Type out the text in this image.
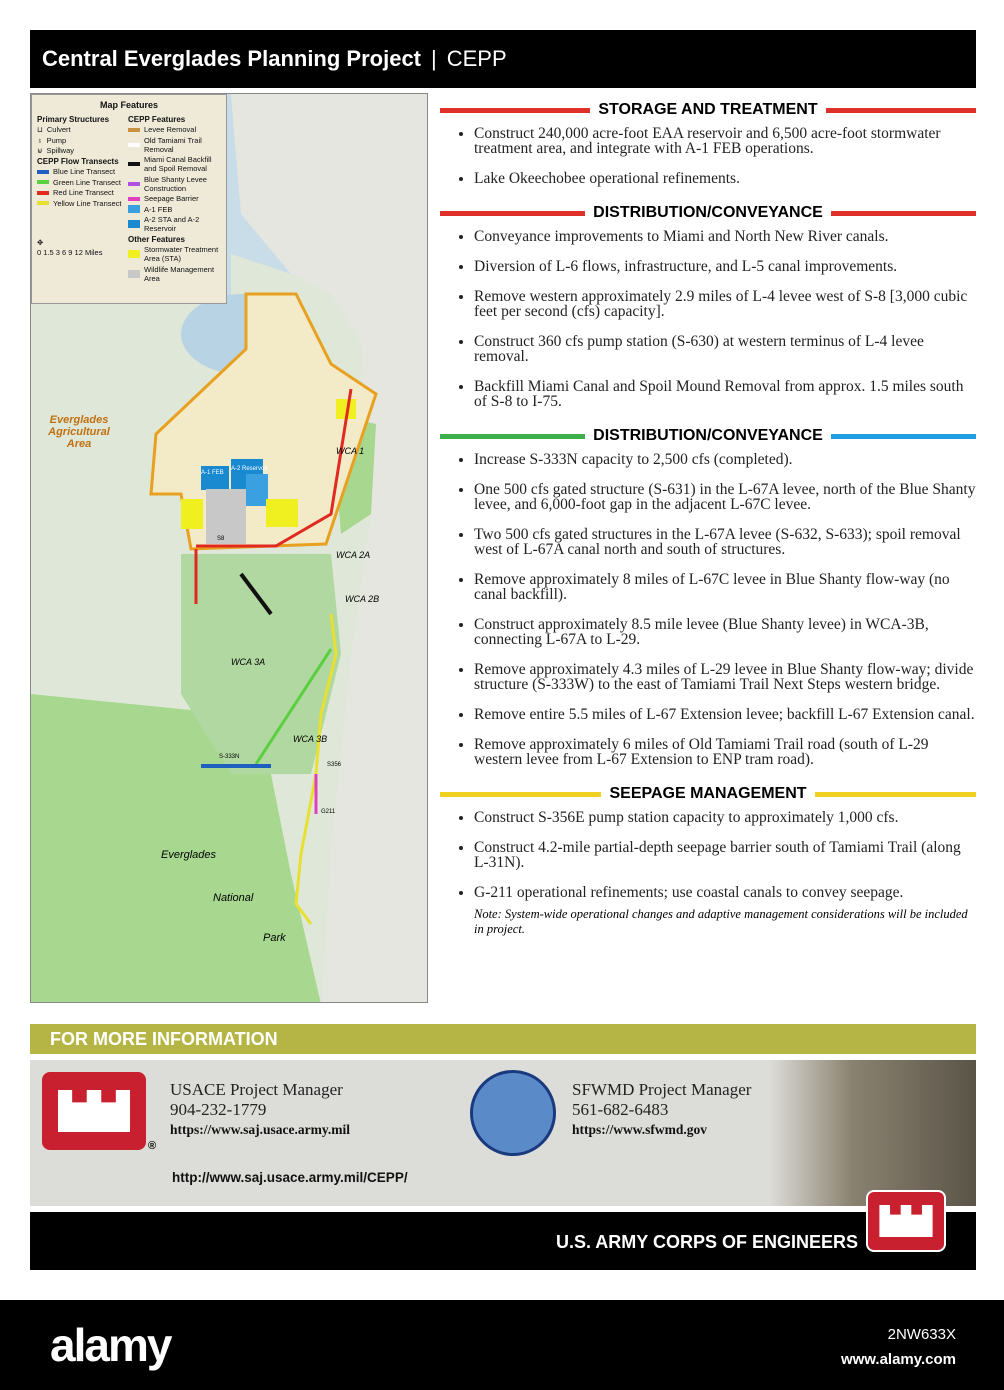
Central Everglades Planning Project | CEPP
Everglades Agricultural Area
WCA 1
WCA 2A
WCA 2B
WCA 3A
WCA 3B
Everglades
National
Park
A-1 FEB
A-2 Reservoir
S-333N
S356
S8
G211
Map Features
Primary Structures
⊔ Culvert
♁ Pump
⊌ Spillway
CEPP Flow Transects
Blue Line Transect
Green Line Transect
Red Line Transect
Yellow Line Transect
✥
0 1.5 3 6 9 12 Miles
CEPP Features
Levee Removal
Old Tamiami Trail Removal
Miami Canal Backfill and Spoil Removal
Blue Shanty Levee Construction
Seepage Barrier
A-1 FEB
A-2 STA and A-2 Reservoir
Other Features
Stormwater Treatment Area (STA)
Wildlife Management Area
STORAGE AND TREATMENT
• Construct 240,000 acre-foot EAA reservoir and 6,500 acre-foot stormwater treatment area, and integrate with A-1 FEB operations.
• Lake Okeechobee operational refinements.
DISTRIBUTION/CONVEYANCE
• Conveyance improvements to Miami and North New River canals.
• Diversion of L-6 flows, infrastructure, and L-5 canal improvements.
• Remove western approximately 2.9 miles of L-4 levee west of S-8 [3,000 cubic feet per second (cfs) capacity].
• Construct 360 cfs pump station (S-630) at western terminus of L-4 levee removal.
• Backfill Miami Canal and Spoil Mound Removal from approx. 1.5 miles south of S-8 to I-75.
DISTRIBUTION/CONVEYANCE
• Increase S-333N capacity to 2,500 cfs (completed).
• One 500 cfs gated structure (S-631) in the L-67A levee, north of the Blue Shanty levee, and 6,000-foot gap in the adjacent L-67C levee.
• Two 500 cfs gated structures in the L-67A levee (S-632, S-633); spoil removal west of L-67A canal north and south of structures.
• Remove approximately 8 miles of L-67C levee in Blue Shanty flow-way (no canal backfill).
• Construct approximately 8.5 mile levee (Blue Shanty levee) in WCA-3B, connecting L-67A to L-29.
• Remove approximately 4.3 miles of L-29 levee in Blue Shanty flow-way; divide structure (S-333W) to the east of Tamiami Trail Next Steps western bridge.
• Remove entire 5.5 miles of L-67 Extension levee; backfill L-67 Extension canal.
• Remove approximately 6 miles of Old Tamiami Trail road (south of L-29 western levee from L-67 Extension to ENP tram road).
SEEPAGE MANAGEMENT
• Construct S-356E pump station capacity to approximately 1,000 cfs.
• Construct 4.2-mile partial-depth seepage barrier south of Tamiami Trail (along L-31N).
• G-211 operational refinements; use coastal canals to convey seepage.
Note: System-wide operational changes and adaptive management considerations will be included in project.
FOR MORE INFORMATION
®
USACE Project Manager
904-232-1779
https://www.saj.usace.army.mil
http://www.saj.usace.army.mil/CEPP/
SFWMD Project Manager
561-682-6483
https://www.sfwmd.gov
U.S. ARMY CORPS OF ENGINEERS
alamy	2NW633X
www.alamy.com
